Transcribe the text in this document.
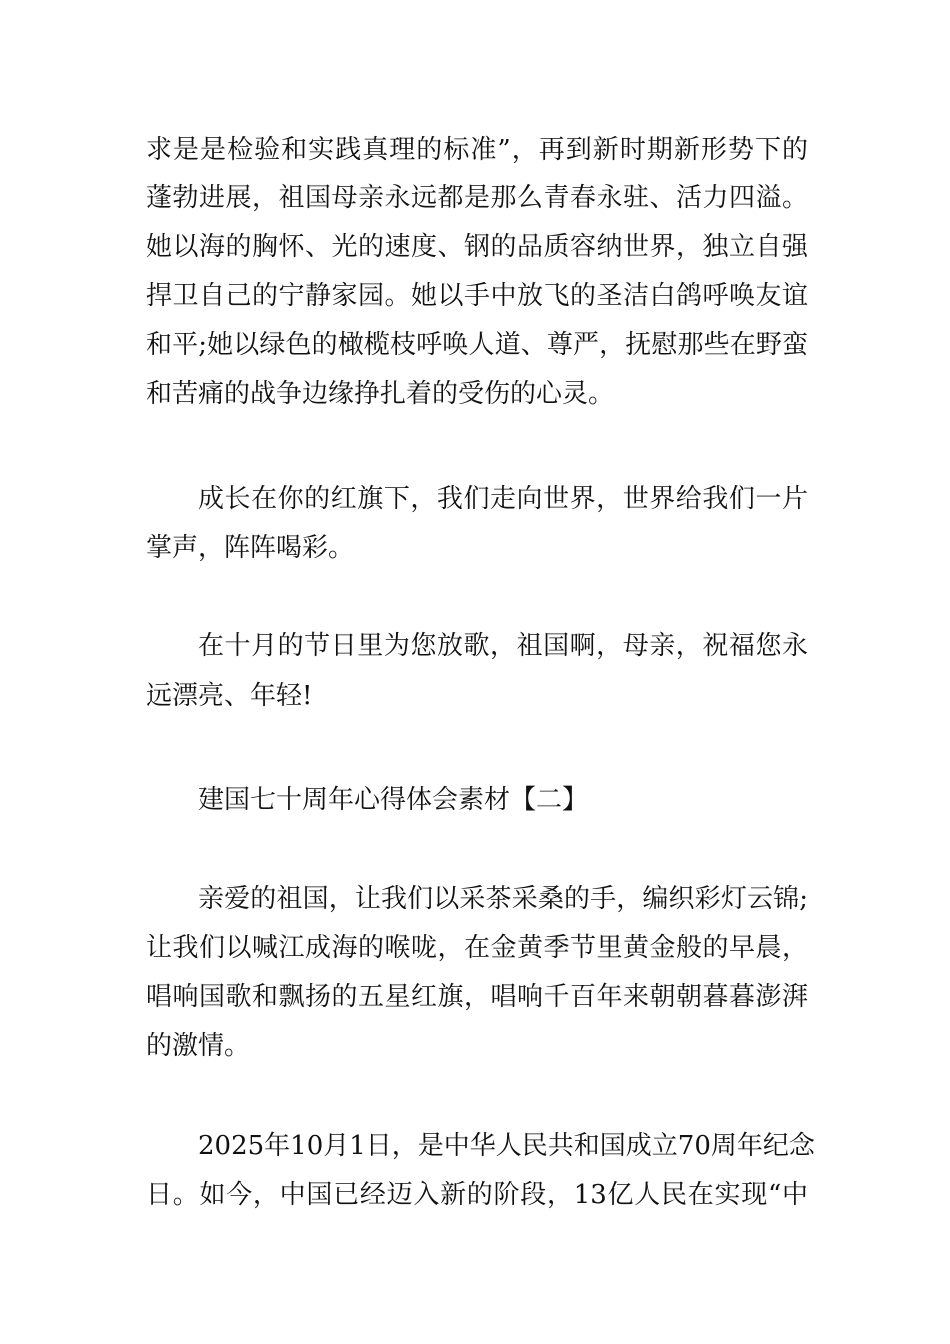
求是是检验和实践真理的标准”，再到新时期新形势下的
蓬勃进展，祖国母亲永远都是那么青春永驻、活力四溢。
她以海的胸怀、光的速度、钢的品质容纳世界，独立自强
捍卫自己的宁静家园。她以手中放飞的圣洁白鸽呼唤友谊
和平;她以绿色的橄榄枝呼唤人道、尊严，抚慰那些在野蛮
和苦痛的战争边缘挣扎着的受伤的心灵。
成长在你的红旗下，我们走向世界，世界给我们一片
掌声，阵阵喝彩。
在十月的节日里为您放歌，祖国啊，母亲，祝福您永
远漂亮、年轻!
建国七十周年心得体会素材【二】
亲爱的祖国，让我们以采茶采桑的手，编织彩灯云锦;
让我们以喊江成海的喉咙，在金黄季节里黄金般的早晨，
唱响国歌和飘扬的五星红旗，唱响千百年来朝朝暮暮澎湃
的激情。
2025年10月1日，是中华人民共和国成立70周年纪念
日。如今，中国已经迈入新的阶段，13亿人民在实现“中
